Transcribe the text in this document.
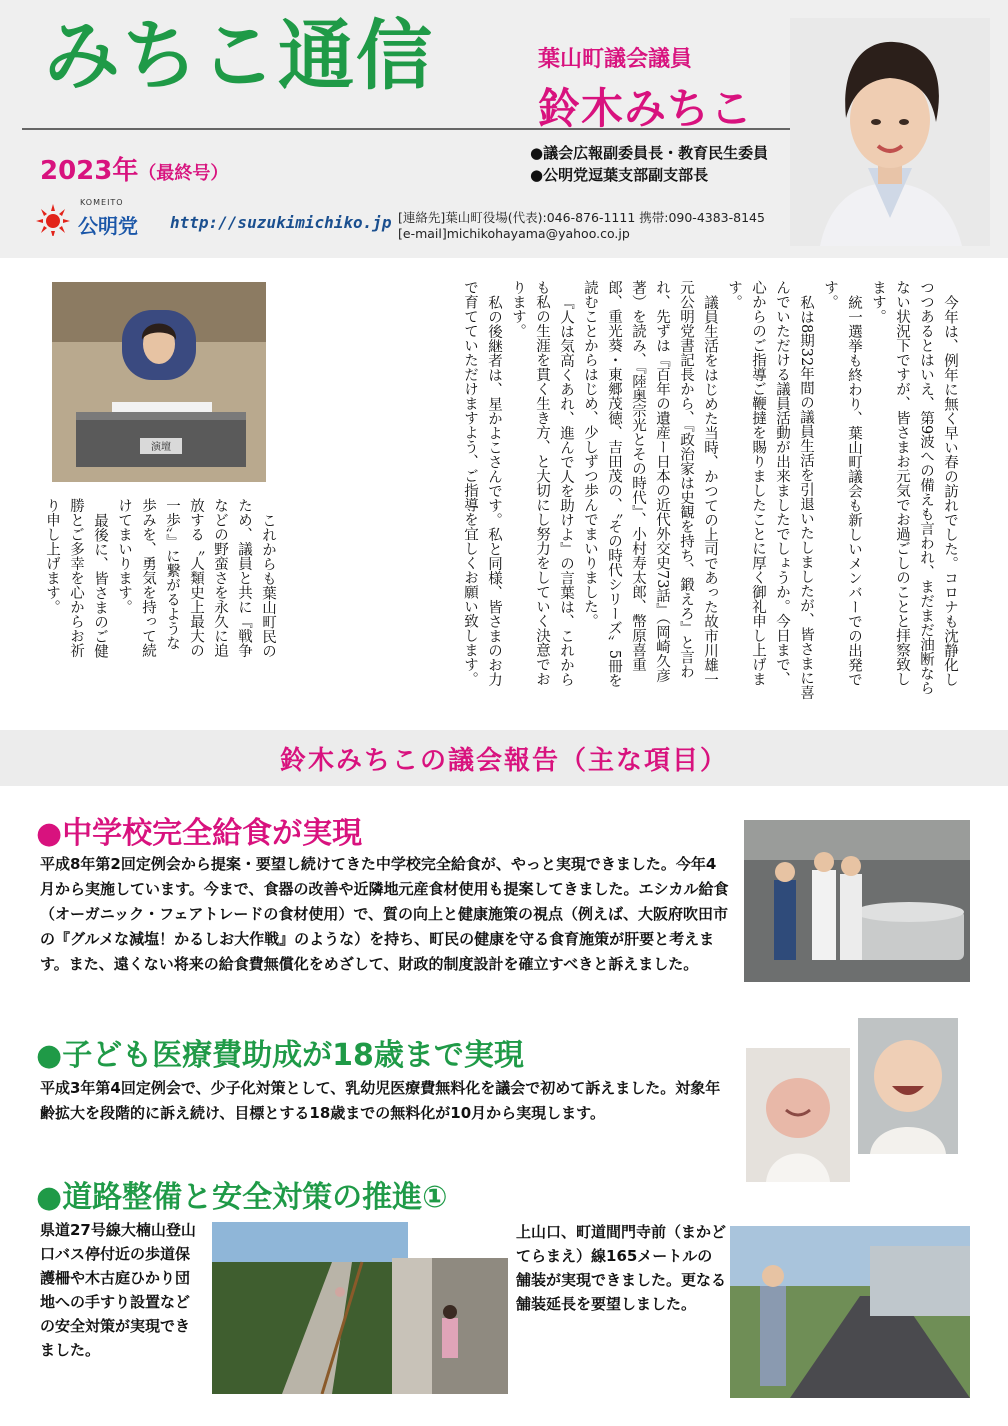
みちこ通信
2023年（最終号）
葉山町議会議員
鈴木みちこ
●議会広報副委員長・教育民生委員
●公明党逗葉支部副支部長
KOMEITO
公明党 http://suzukimichiko.jp [連絡先]葉山町役場(代表):046-876-1111 携帯:090-4383-8145
[e-mail]michikohayama@yahoo.co.jp

今年は、例年に無く早い春の訪れでした。コロナも沈静化しつつあるとはいえ、第9波への備えも言われ、まだまだ油断ならない状況下ですが、皆さまお元気でお過ごしのことと拝察致します。

統一選挙も終わり、葉山町議会も新しいメンバーでの出発です。

私は8期32年間の議員生活を引退いたしましたが、皆さまに喜んでいただける議員活動が出来ましたでしょうか。今日まで、心からのご指導ご鞭撻を賜りましたことに厚く御礼申し上げます。

議員生活をはじめた当時、かつての上司であった故市川雄一元公明党書記長から、『政治家は史観を持ち、鍛えろ』と言われ、先ずは『百年の遺産ー日本の近代外交史73話』（岡崎久彦著）を読み、『陸奥宗光とその時代』、小村寿太郎、幣原喜重郎、重光葵・東郷茂徳、吉田茂の、〝その時代シリーズ〟5冊を読むことからはじめ、少しずつ歩んでまいりました。

『人は気高くあれ、進んで人を助けよ』の言葉は、これからも私の生涯を貫く生き方、と大切にし努力をしていく決意でおります。

私の後継者は、星かよこさんです。私と同様、皆さまのお力で育てていただけますよう、ご指導を宜しくお願い致します。

演壇

これからも葉山町民のため、議員と共に『戦争などの野蛮さを永久に追放する〝人類史上最大の一歩〟』に繋がるような歩みを、勇気を持って続けてまいります。

最後に、皆さまのご健勝とご多幸を心からお祈り申し上げます。

鈴木みちこの議会報告（主な項目）
●中学校完全給食が実現

平成8年第2回定例会から提案・要望し続けてきた中学校完全給食が、やっと実現できました。今年4月から実施しています。今まで、食器の改善や近隣地元産食材使用も提案してきました。エシカル給食（オーガニック・フェアトレードの食材使用）で、質の向上と健康施策の視点（例えば、大阪府吹田市の『グルメな減塩！かるしお大作戦』のような）を持ち、町民の健康を守る食育施策が肝要と考えます。また、遠くない将来の給食費無償化をめざして、財政的制度設計を確立すべきと訴えました。

●子ども医療費助成が18歳まで実現

平成3年第4回定例会で、少子化対策として、乳幼児医療費無料化を議会で初めて訴えました。対象年齢拡大を段階的に訴え続け、目標とする18歳までの無料化が10月から実現します。

●道路整備と安全対策の推進①

県道27号線大楠山登山口バス停付近の歩道保護柵や木古庭ひかり団地への手すり設置などの安全対策が実現できました。

上山口、町道間門寺前（まかどてらまえ）線165メートルの舗装が実現できました。更なる舗装延長を要望しました。
